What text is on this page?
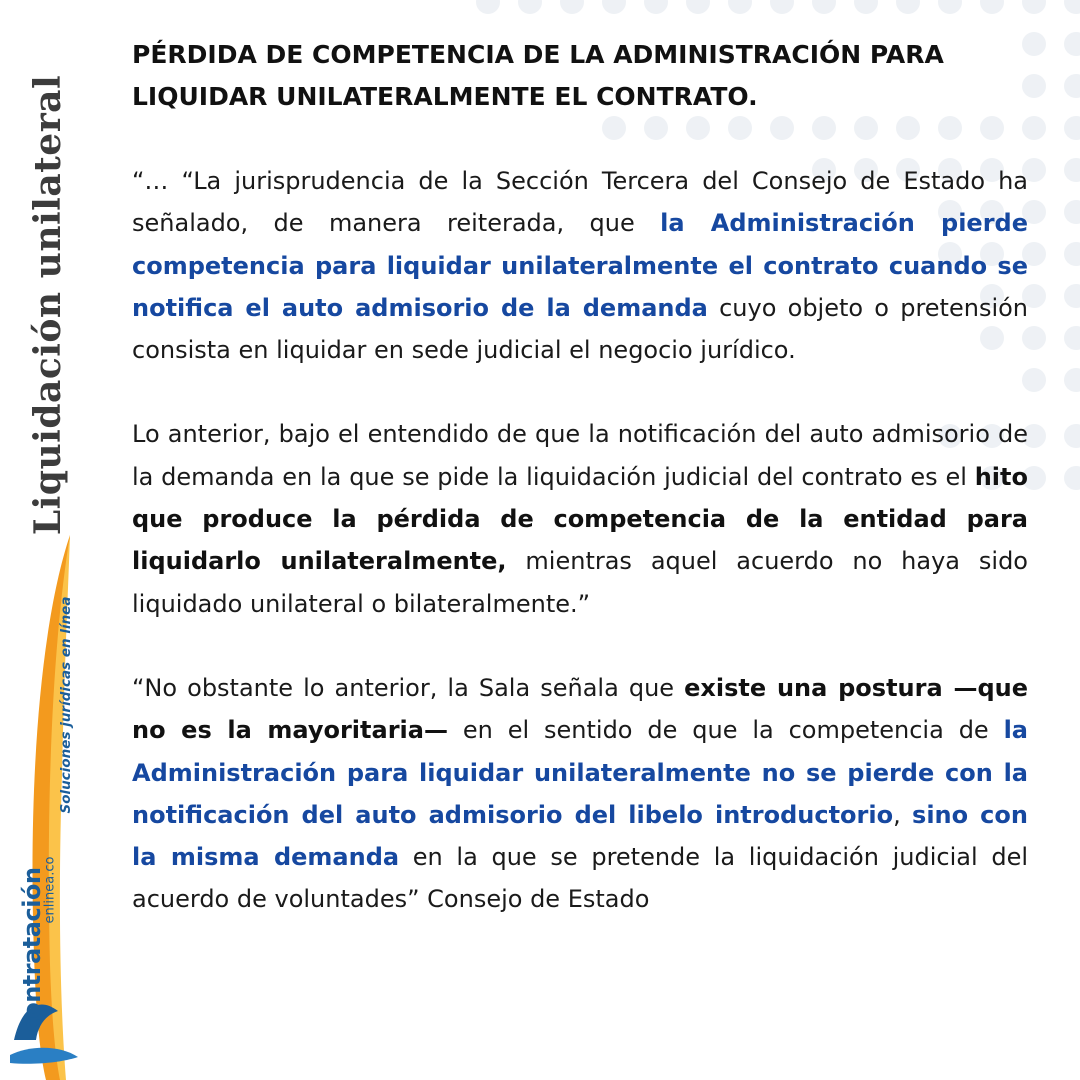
Liquidación unilateral
enlinea.co
contratación
Soluciones jurídicas en línea
PÉRDIDA DE COMPETENCIA DE LA ADMINISTRACIÓN PARA LIQUIDAR UNILATERALMENTE EL CONTRATO.

“… “La jurisprudencia de la Sección Tercera del Consejo de Estado ha señalado, de manera reiterada, que la Administración pierde competencia para liquidar unilateralmente el contrato cuando se notifica el auto admisorio de la demanda cuyo objeto o pretensión consista en liquidar en sede judicial el negocio jurídico.

Lo anterior, bajo el entendido de que la notificación del auto admisorio de la demanda en la que se pide la liquidación judicial del contrato es el hito que produce la pérdida de competencia de la entidad para liquidarlo unilateralmente, mientras aquel acuerdo no haya sido liquidado unilateral o bilateralmente.”

“No obstante lo anterior, la Sala señala que existe una postura —que no es la mayoritaria— en el sentido de que la competencia de la Administración para liquidar unilateralmente no se pierde con la notificación del auto admisorio del libelo introductorio, sino con la misma demanda en la que se pretende la liquidación judicial del acuerdo de voluntades” Consejo de Estado
